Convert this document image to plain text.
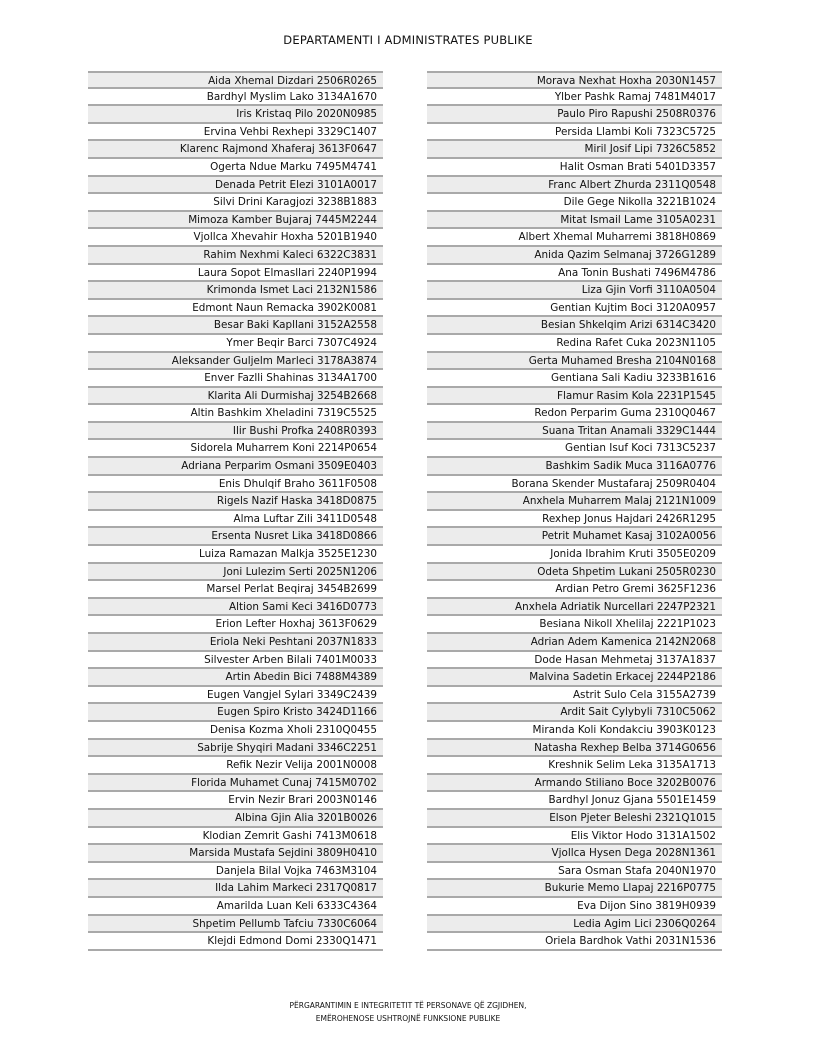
DEPARTAMENTI I ADMINISTRATES PUBLIKE
Aida Xhemal Dizdari 2506R0265
Bardhyl Myslim Lako 3134A1670
Iris Kristaq Pilo 2020N0985
Ervina Vehbi Rexhepi 3329C1407
Klarenc Rajmond Xhaferaj 3613F0647
Ogerta Ndue Marku 7495M4741
Denada Petrit Elezi 3101A0017
Silvi Drini Karagjozi 3238B1883
Mimoza Kamber Bujaraj 7445M2244
Vjollca Xhevahir Hoxha 5201B1940
Rahim Nexhmi Kaleci 6322C3831
Laura Sopot Elmasllari 2240P1994
Krimonda Ismet Laci 2132N1586
Edmont Naun Remacka 3902K0081
Besar Baki Kapllani 3152A2558
Ymer Beqir Barci 7307C4924
Aleksander Guljelm Marleci 3178A3874
Enver Fazlli Shahinas 3134A1700
Klarita Ali Durmishaj 3254B2668
Altin Bashkim Xheladini 7319C5525
Ilir Bushi Profka 2408R0393
Sidorela Muharrem Koni 2214P0654
Adriana Perparim Osmani 3509E0403
Enis Dhulqif Braho 3611F0508
Rigels Nazif Haska 3418D0875
Alma Luftar Zili 3411D0548
Ersenta Nusret Lika 3418D0866
Luiza Ramazan Malkja 3525E1230
Joni Lulezim Serti 2025N1206
Marsel Perlat Beqiraj 3454B2699
Altion Sami Keci 3416D0773
Erion Lefter Hoxhaj 3613F0629
Eriola Neki Peshtani 2037N1833
Silvester Arben Bilali 7401M0033
Artin Abedin Bici 7488M4389
Eugen Vangjel Sylari 3349C2439
Eugen Spiro Kristo 3424D1166
Denisa Kozma Xholi 2310Q0455
Sabrije Shyqiri Madani 3346C2251
Refik Nezir Velija 2001N0008
Florida Muhamet Cunaj 7415M0702
Ervin Nezir Brari 2003N0146
Albina Gjin Alia 3201B0026
Klodian Zemrit Gashi 7413M0618
Marsida Mustafa Sejdini 3809H0410
Danjela Bilal Vojka 7463M3104
Ilda Lahim Markeci 2317Q0817
Amarilda Luan Keli 6333C4364
Shpetim Pellumb Tafciu 7330C6064
Klejdi Edmond Domi 2330Q1471
Morava Nexhat Hoxha 2030N1457
Ylber Pashk Ramaj 7481M4017
Paulo Piro Rapushi 2508R0376
Persida Llambi Koli 7323C5725
Miril Josif Lipi 7326C5852
Halit Osman Brati 5401D3357
Franc Albert Zhurda 2311Q0548
Dile Gege Nikolla 3221B1024
Mitat Ismail Lame 3105A0231
Albert Xhemal Muharremi 3818H0869
Anida Qazim Selmanaj 3726G1289
Ana Tonin Bushati 7496M4786
Liza Gjin Vorfi 3110A0504
Gentian Kujtim Boci 3120A0957
Besian Shkelqim Arizi 6314C3420
Redina Rafet Cuka 2023N1105
Gerta Muhamed Bresha 2104N0168
Gentiana Sali Kadiu 3233B1616
Flamur Rasim Kola 2231P1545
Redon Perparim Guma 2310Q0467
Suana Tritan Anamali 3329C1444
Gentian Isuf Koci 7313C5237
Bashkim Sadik Muca 3116A0776
Borana Skender Mustafaraj 2509R0404
Anxhela Muharrem Malaj 2121N1009
Rexhep Jonus Hajdari 2426R1295
Petrit Muhamet Kasaj 3102A0056
Jonida Ibrahim Kruti 3505E0209
Odeta Shpetim Lukani 2505R0230
Ardian Petro Gremi 3625F1236
Anxhela Adriatik Nurcellari 2247P2321
Besiana Nikoll Xhelilaj 2221P1023
Adrian Adem Kamenica 2142N2068
Dode Hasan Mehmetaj 3137A1837
Malvina Sadetin Erkacej 2244P2186
Astrit Sulo Cela 3155A2739
Ardit Sait Cylybyli 7310C5062
Miranda Koli Kondakciu 3903K0123
Natasha Rexhep Belba 3714G0656
Kreshnik Selim Leka 3135A1713
Armando Stiliano Boce 3202B0076
Bardhyl Jonuz Gjana 5501E1459
Elson Pjeter Beleshi 2321Q1015
Elis Viktor Hodo 3131A1502
Vjollca Hysen Dega 2028N1361
Sara Osman Stafa 2040N1970
Bukurie Memo Llapaj 2216P0775
Eva Dijon Sino 3819H0939
Ledia Agim Lici 2306Q0264
Oriela Bardhok Vathi 2031N1536
PËRGARANTIMIN E INTEGRITETIT TË PERSONAVE QË ZGJIDHEN,
EMËROHENOSE USHTROJNË FUNKSIONE PUBLIKE
